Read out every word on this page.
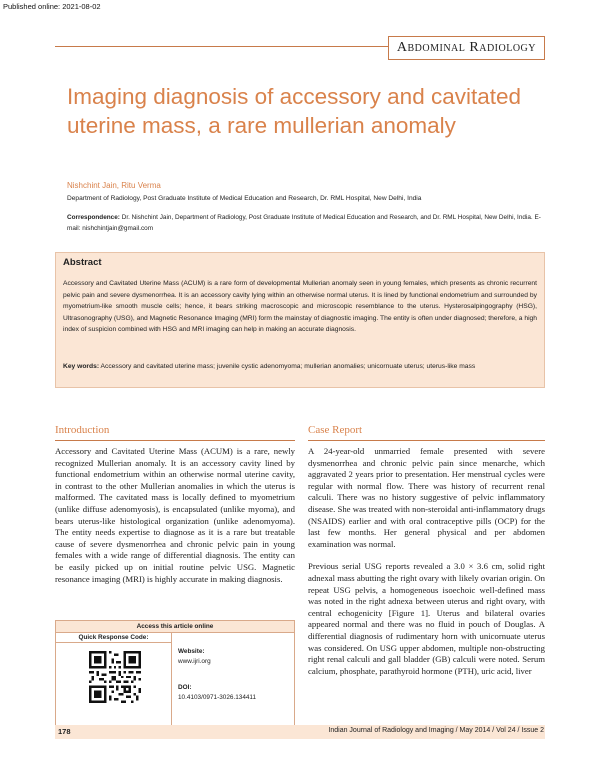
Published online: 2021-08-02
Abdominal Radiology
Imaging diagnosis of accessory and cavitated uterine mass, a rare mullerian anomaly
Nishchint Jain, Ritu Verma
Department of Radiology, Post Graduate Institute of Medical Education and Research, Dr. RML Hospital, New Delhi, India
Correspondence: Dr. Nishchint Jain, Department of Radiology, Post Graduate Institute of Medical Education and Research, and Dr. RML Hospital, New Delhi, India. E-mail: nishchintjain@gmail.com
Abstract
Accessory and Cavitated Uterine Mass (ACUM) is a rare form of developmental Mullerian anomaly seen in young females, which presents as chronic recurrent pelvic pain and severe dysmenorrhea. It is an accessory cavity lying within an otherwise normal uterus. It is lined by functional endometrium and surrounded by myometrium-like smooth muscle cells; hence, it bears striking macroscopic and microscopic resemblance to the uterus. Hysterosalpingography (HSG), Ultrasonography (USG), and Magnetic Resonance Imaging (MRI) form the mainstay of diagnostic imaging. The entity is often under diagnosed; therefore, a high index of suspicion combined with HSG and MRI imaging can help in making an accurate diagnosis.
Key words: Accessory and cavitated uterine mass; juvenile cystic adenomyoma; mullerian anomalies; unicornuate uterus; uterus-like mass
Introduction

Accessory and Cavitated Uterine Mass (ACUM) is a rare, newly recognized Mullerian anomaly. It is an accessory cavity lined by functional endometrium within an otherwise normal uterine cavity, in contrast to the other Mullerian anomalies in which the uterus is malformed. The cavitated mass is locally defined to myometrium (unlike diffuse adenomyosis), is encapsulated (unlike myoma), and bears uterus-like histological organization (unlike adenomyoma). The entity needs expertise to diagnose as it is a rare but treatable cause of severe dysmenorrhea and chronic pelvic pain in young females with a wide range of differential diagnosis. The entity can be easily picked up on initial routine pelvic USG. Magnetic resonance imaging (MRI) is highly accurate in making diagnosis.

Case Report

A 24-year-old unmarried female presented with severe dysmenorrhea and chronic pelvic pain since menarche, which aggravated 2 years prior to presentation. Her menstrual cycles were regular with normal flow. There was history of recurrent renal calculi. There was no history suggestive of pelvic inflammatory disease. She was treated with non-steroidal anti-inflammatory drugs (NSAIDS) earlier and with oral contraceptive pills (OCP) for the last few months. Her general physical and per abdomen examination was normal.

Previous serial USG reports revealed a 3.0 × 3.6 cm, solid right adnexal mass abutting the right ovary with likely ovarian origin. On repeat USG pelvis, a homogeneous isoechoic well-defined mass was noted in the right adnexa between uterus and right ovary, with central echogenicity [Figure 1]. Uterus and bilateral ovaries appeared normal and there was no fluid in pouch of Douglas. A differential diagnosis of rudimentary horn with unicornuate uterus was considered. On USG upper abdomen, multiple non-obstructing right renal calculi and gall bladder (GB) calculi were noted. Serum calcium, phosphate, parathyroid hormone (PTH), uric acid, liver

Access this article online
Quick Response Code:
Website:
www.ijri.org
DOI:
10.4103/0971-3026.134411
178	Indian Journal of Radiology and Imaging / May 2014 / Vol 24 / Issue 2
